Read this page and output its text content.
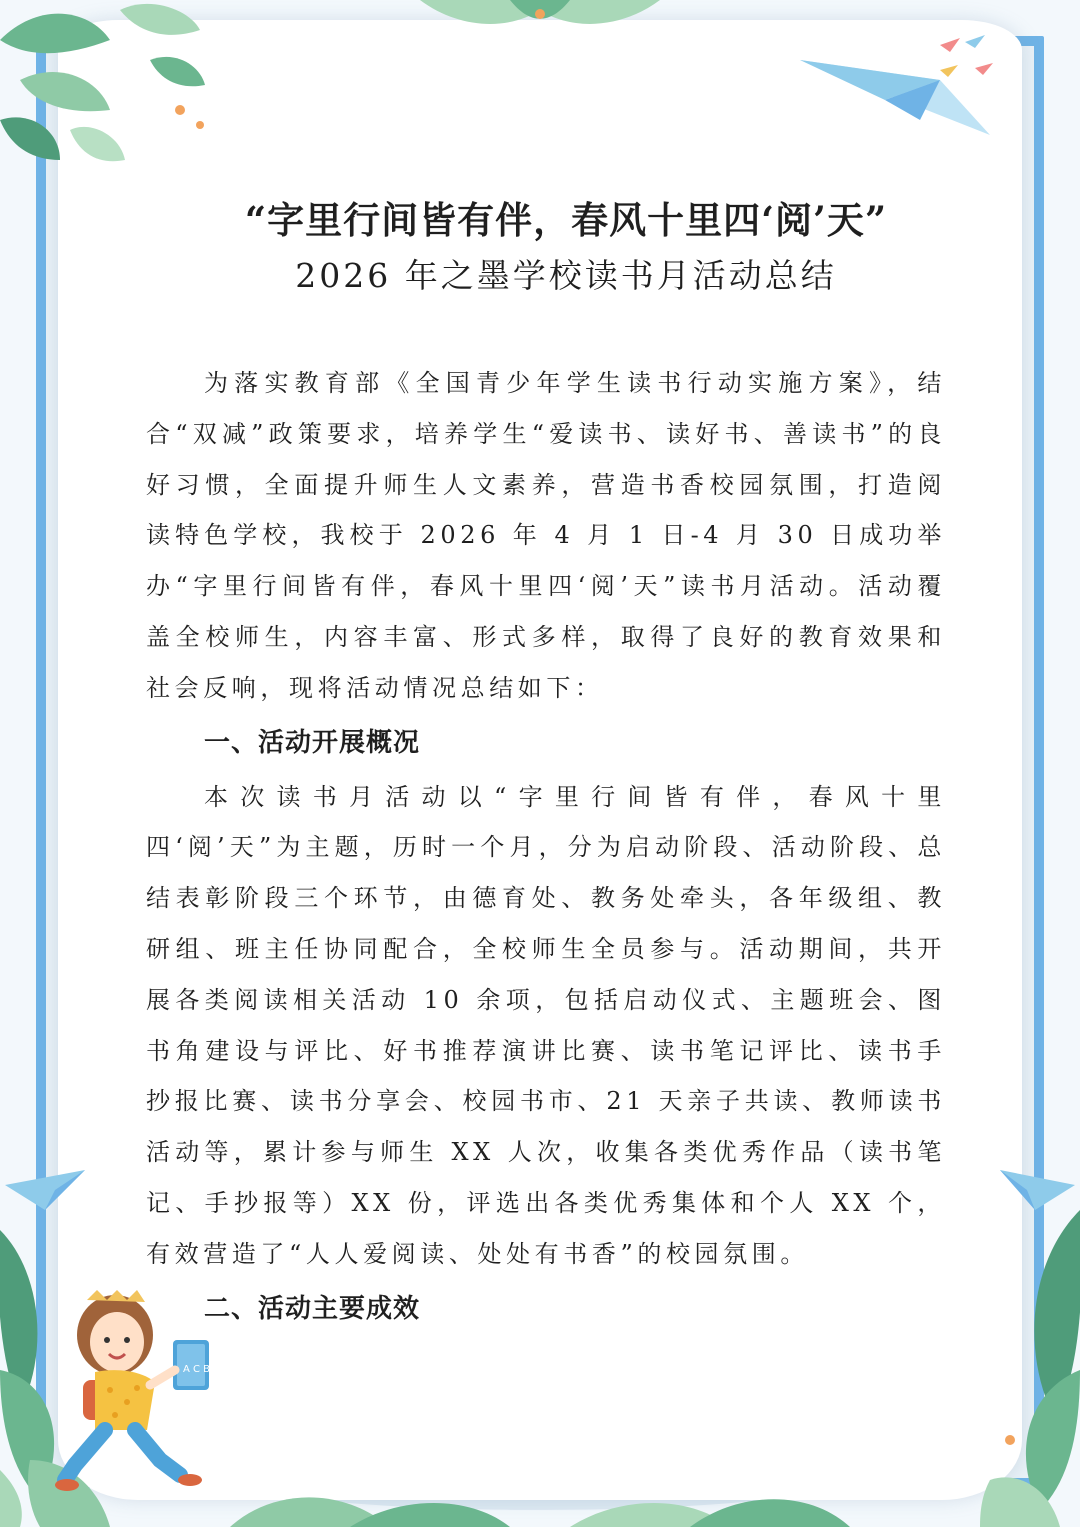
A C B
“字里行间皆有伴，春风十里四‘阅’天”
2026 年之墨学校读书月活动总结

为落实教育部《全国青少年学生读书行动实施方案》，结合“双减”政策要求，培养学生“爱读书、读好书、善读书”的良好习惯，全面提升师生人文素养，营造书香校园氛围，打造阅读特色学校，我校于 2026 年 4 月 1 日-4 月 30 日成功举办“字里行间皆有伴，春风十里四‘阅’天”读书月活动。活动覆盖全校师生，内容丰富、形式多样，取得了良好的教育效果和社会反响，现将活动情况总结如下：

一、活动开展概况

本次读书月活动以“字里行间皆有伴，春风十里四‘阅’天”为主题，历时一个月，分为启动阶段、活动阶段、总结表彰阶段三个环节，由德育处、教务处牵头，各年级组、教研组、班主任协同配合，全校师生全员参与。活动期间，共开展各类阅读相关活动 10 余项，包括启动仪式、主题班会、图书角建设与评比、好书推荐演讲比赛、读书笔记评比、读书手抄报比赛、读书分享会、校园书市、21 天亲子共读、教师读书活动等，累计参与师生 XX 人次，收集各类优秀作品（读书笔记、手抄报等）XX 份，评选出各类优秀集体和个人 XX 个，有效营造了“人人爱阅读、处处有书香”的校园氛围。

二、活动主要成效
